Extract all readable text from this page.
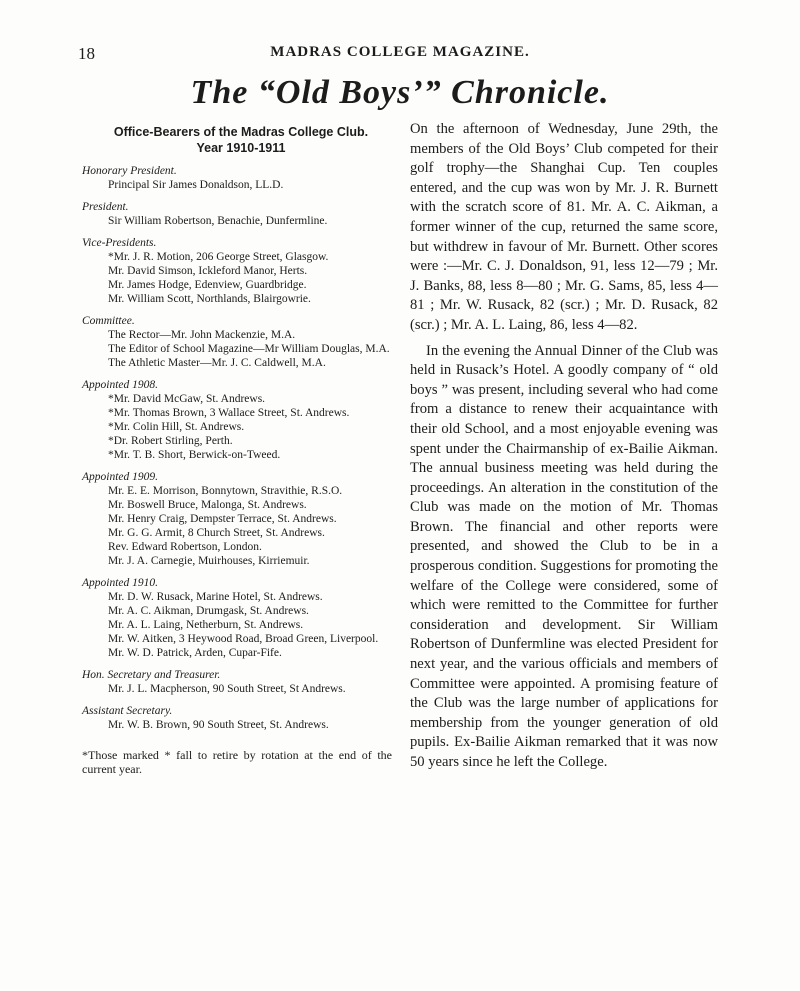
18	MADRAS COLLEGE MAGAZINE.
The “Old Boys’” Chronicle.
Office-Bearers of the Madras College Club.
Year 1910-1911
Honorary President.
Principal Sir James Donaldson, LL.D.
President.
Sir William Robertson, Benachie, Dunfermline.
Vice-Presidents.
*Mr. J. R. Motion, 206 George Street, Glasgow.
Mr. David Simson, Ickleford Manor, Herts.
Mr. James Hodge, Edenview, Guardbridge.
Mr. William Scott, Northlands, Blairgowrie.
Committee.
The Rector—Mr. John Mackenzie, M.A.
The Editor of School Magazine—Mr William Douglas, M.A.
The Athletic Master—Mr. J. C. Caldwell, M.A.
Appointed 1908.
*Mr. David McGaw, St. Andrews.
*Mr. Thomas Brown, 3 Wallace Street, St. Andrews.
*Mr. Colin Hill, St. Andrews.
*Dr. Robert Stirling, Perth.
*Mr. T. B. Short, Berwick-on-Tweed.
Appointed 1909.
Mr. E. E. Morrison, Bonnytown, Stravithie, R.S.O.
Mr. Boswell Bruce, Malonga, St. Andrews.
Mr. Henry Craig, Dempster Terrace, St. Andrews.
Mr. G. G. Armit, 8 Church Street, St. Andrews.
Rev. Edward Robertson, London.
Mr. J. A. Carnegie, Muirhouses, Kirriemuir.
Appointed 1910.
Mr. D. W. Rusack, Marine Hotel, St. Andrews.
Mr. A. C. Aikman, Drumgask, St. Andrews.
Mr. A. L. Laing, Netherburn, St. Andrews.
Mr. W. Aitken, 3 Heywood Road, Broad Green, Liverpool.
Mr. W. D. Patrick, Arden, Cupar-Fife.
Hon. Secretary and Treasurer.
Mr. J. L. Macpherson, 90 South Street, St Andrews.
Assistant Secretary.
Mr. W. B. Brown, 90 South Street, St. Andrews.
*Those marked * fall to retire by rotation at the end of the current year.

On the afternoon of Wednesday, June 29th, the members of the Old Boys’ Club competed for their golf trophy—the Shanghai Cup. Ten couples entered, and the cup was won by Mr. J. R. Burnett with the scratch score of 81. Mr. A. C. Aikman, a former winner of the cup, returned the same score, but withdrew in favour of Mr. Burnett. Other scores were :—Mr. C. J. Donaldson, 91, less 12—79 ; Mr. J. Banks, 88, less 8—80 ; Mr. G. Sams, 85, less 4—81 ; Mr. W. Rusack, 82 (scr.) ; Mr. D. Rusack, 82 (scr.) ; Mr. A. L. Laing, 86, less 4—82.

In the evening the Annual Dinner of the Club was held in Rusack’s Hotel. A goodly company of “ old boys ” was present, including several who had come from a distance to renew their acquaintance with their old School, and a most enjoyable evening was spent under the Chairmanship of ex-Bailie Aikman. The annual business meeting was held during the proceedings. An alteration in the constitution of the Club was made on the motion of Mr. Thomas Brown. The financial and other reports were presented, and showed the Club to be in a prosperous condition. Suggestions for promoting the welfare of the College were considered, some of which were remitted to the Committee for further consideration and development. Sir William Robertson of Dunfermline was elected President for next year, and the various officials and members of Committee were appointed. A promising feature of the Club was the large number of applications for membership from the younger generation of old pupils. Ex-Bailie Aikman remarked that it was now 50 years since he left the College.
